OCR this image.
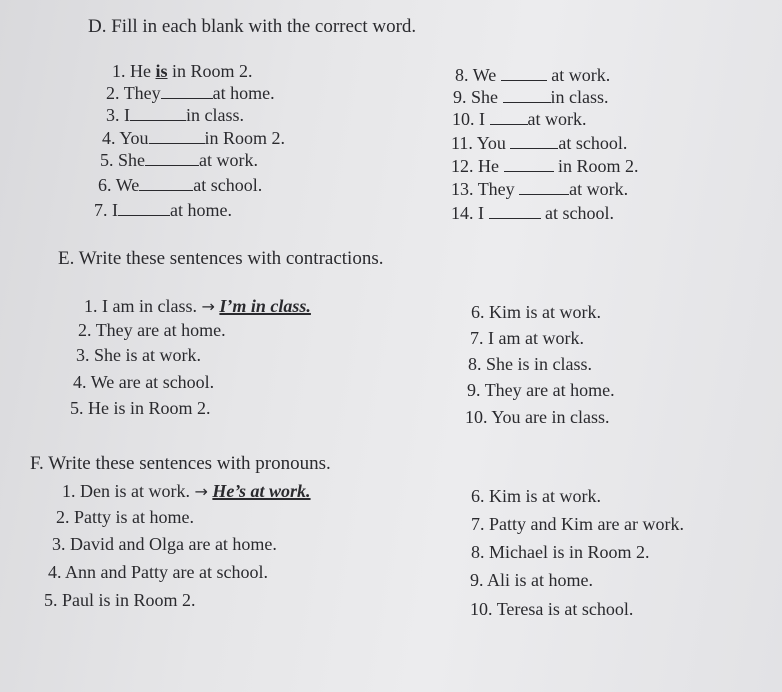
D. Fill in each blank with the correct word.
1. He is in Room 2.
2. They	at home.
3. I	in class.
4. You	in Room 2.
5. She	at work.
6. We	at school.
7. I	at home.
8. We	at work.
9. She	in class.
10. I at work.
11. You	at school.
12. He	in Room 2.
13. They	at work.
14. I	at school.
E. Write these sentences with contractions.
1. I am in class. → I’m in class.
2. They are at home.
3. She is at work.
4. We are at school.
5. He is in Room 2.
6. Kim is at work.
7. I am at work.
8. She is in class.
9. They are at home.
10. You are in class.
F. Write these sentences with pronouns.
1. Den is at work. → He’s at work.
2. Patty is at home.
3. David and Olga are at home.
4. Ann and Patty are at school.
5. Paul is in Room 2.
6. Kim is at work.
7. Patty and Kim are ar work.
8. Michael is in Room 2.
9. Ali is at home.
10. Teresa is at school.
